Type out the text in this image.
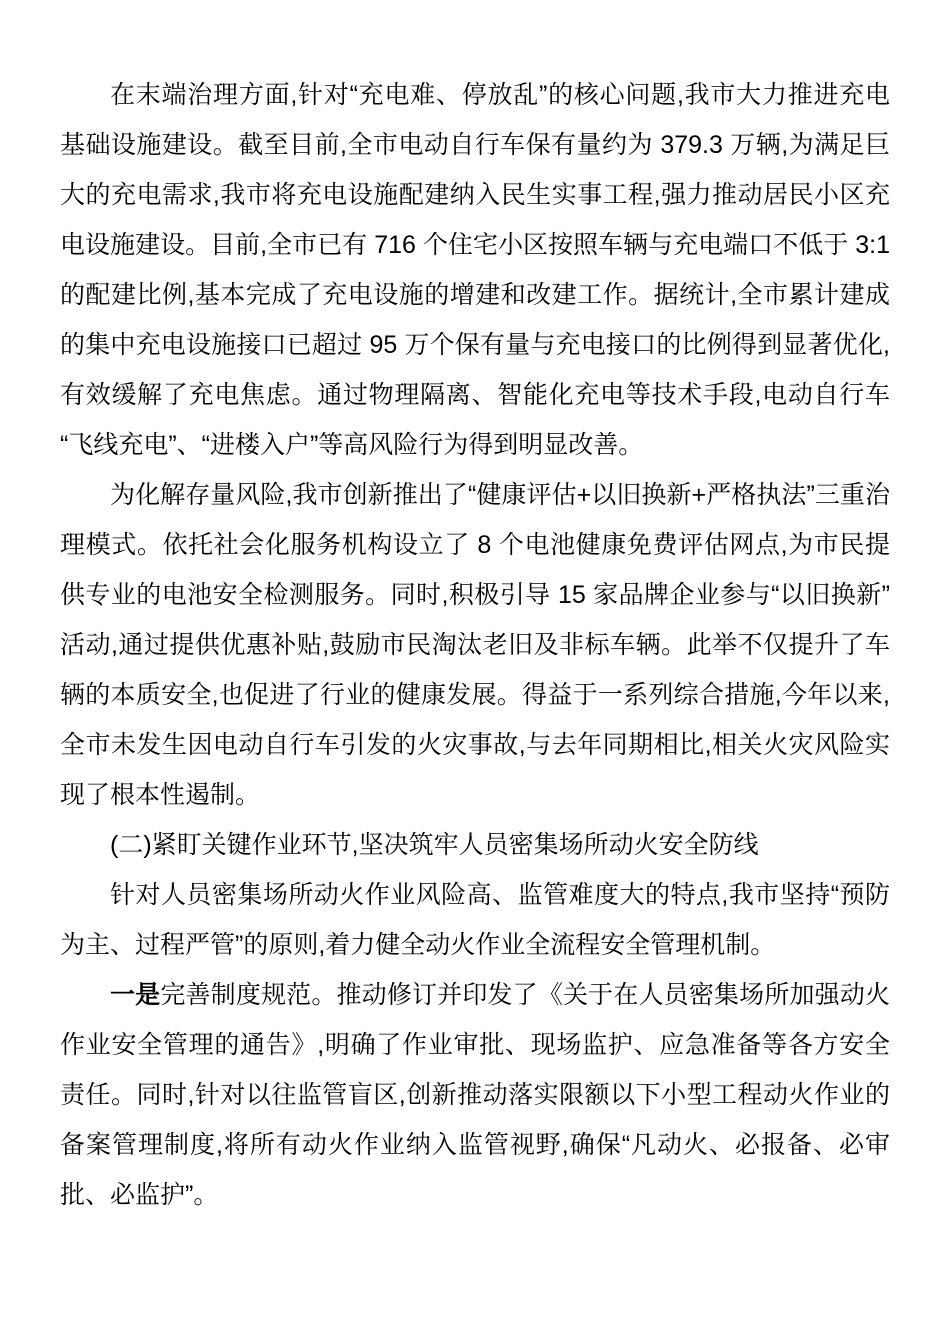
在末端治理方面,针对“充电难、停放乱”的核心问题,我市大力推进充电基础设施建设。截至目前,全市电动自行车保有量约为 379.3 万辆,为满足巨大的充电需求,我市将充电设施配建纳入民生实事工程,强力推动居民小区充电设施建设。目前,全市已有 716 个住宅小区按照车辆与充电端口不低于 3:1 的配建比例,基本完成了充电设施的增建和改建工作。据统计,全市累计建成的集中充电设施接口已超过 95 万个保有量与充电接口的比例得到显著优化,有效缓解了充电焦虑。通过物理隔离、智能化充电等技术手段,电动自行车“飞线充电”、“进楼入户”等高风险行为得到明显改善。

为化解存量风险,我市创新推出了“健康评估+以旧换新+严格执法”三重治理模式。依托社会化服务机构设立了 8 个电池健康免费评估网点,为市民提供专业的电池安全检测服务。同时,积极引导 15 家品牌企业参与“以旧换新”活动,通过提供优惠补贴,鼓励市民淘汰老旧及非标车辆。此举不仅提升了车辆的本质安全,也促进了行业的健康发展。得益于一系列综合措施,今年以来,全市未发生因电动自行车引发的火灾事故,与去年同期相比,相关火灾风险实现了根本性遏制。

(二)紧盯关键作业环节,坚决筑牢人员密集场所动火安全防线

针对人员密集场所动火作业风险高、监管难度大的特点,我市坚持“预防为主、过程严管”的原则,着力健全动火作业全流程安全管理机制。

一是完善制度规范。推动修订并印发了《关于在人员密集场所加强动火作业安全管理的通告》,明确了作业审批、现场监护、应急准备等各方安全责任。同时,针对以往监管盲区,创新推动落实限额以下小型工程动火作业的备案管理制度,将所有动火作业纳入监管视野,确保“凡动火、必报备、必审批、必监护”。
